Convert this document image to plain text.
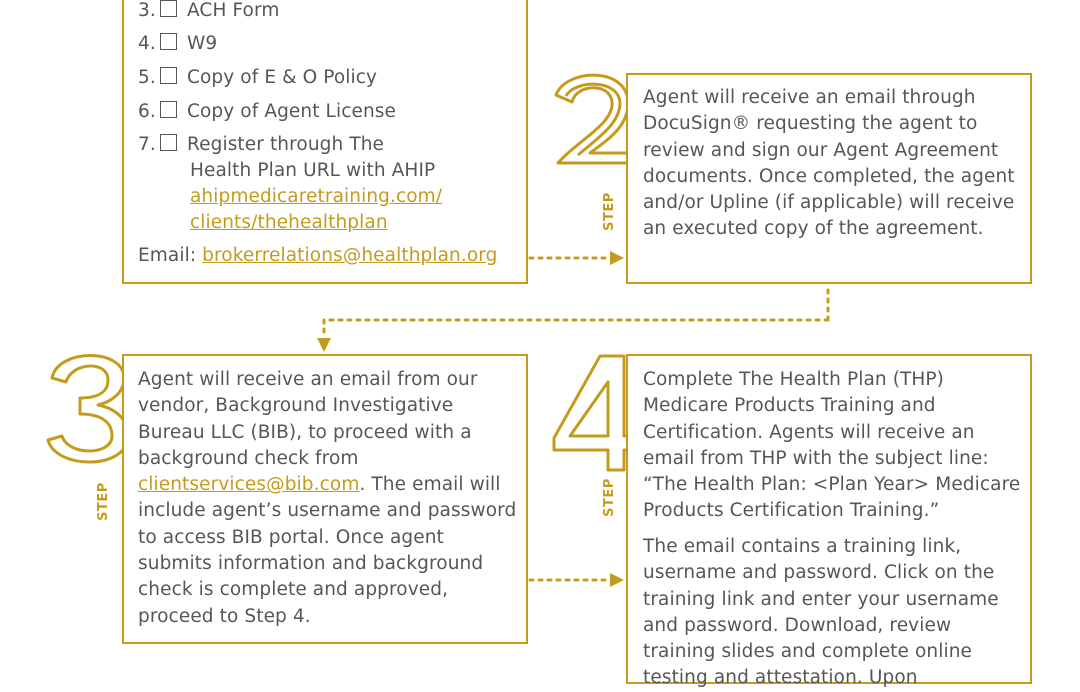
3. ACH Form
4. W9
5. Copy of E & O Policy
6. Copy of Agent License
7. Register through The
Health Plan URL with AHIP
ahipmedicaretraining.com/
clients/thehealthplan
Email: brokerrelations@healthplan.org
STEP
STEP	STEP
Agent will receive an email through DocuSign® requesting the agent to review and sign our Agent Agreement documents. Once completed, the agent and/or Upline (if applicable) will receive an executed copy of the agreement.
Agent will receive an email from our vendor, Background Investigative Bureau LLC (BIB), to proceed with a background check from clientservices@bib.com. The email will include agent’s username and password to access BIB portal. Once agent submits information and background check is complete and approved, proceed to Step 4.
Complete The Health Plan (THP) Medicare Products Training and Certification. Agents will receive an email from THP with the subject line: “The Health Plan: <Plan Year> Medicare Products Certification Training.”
The email contains a training link, username and password. Click on the training link and enter your username and password. Download, review training slides and complete online testing and attestation. Upon
